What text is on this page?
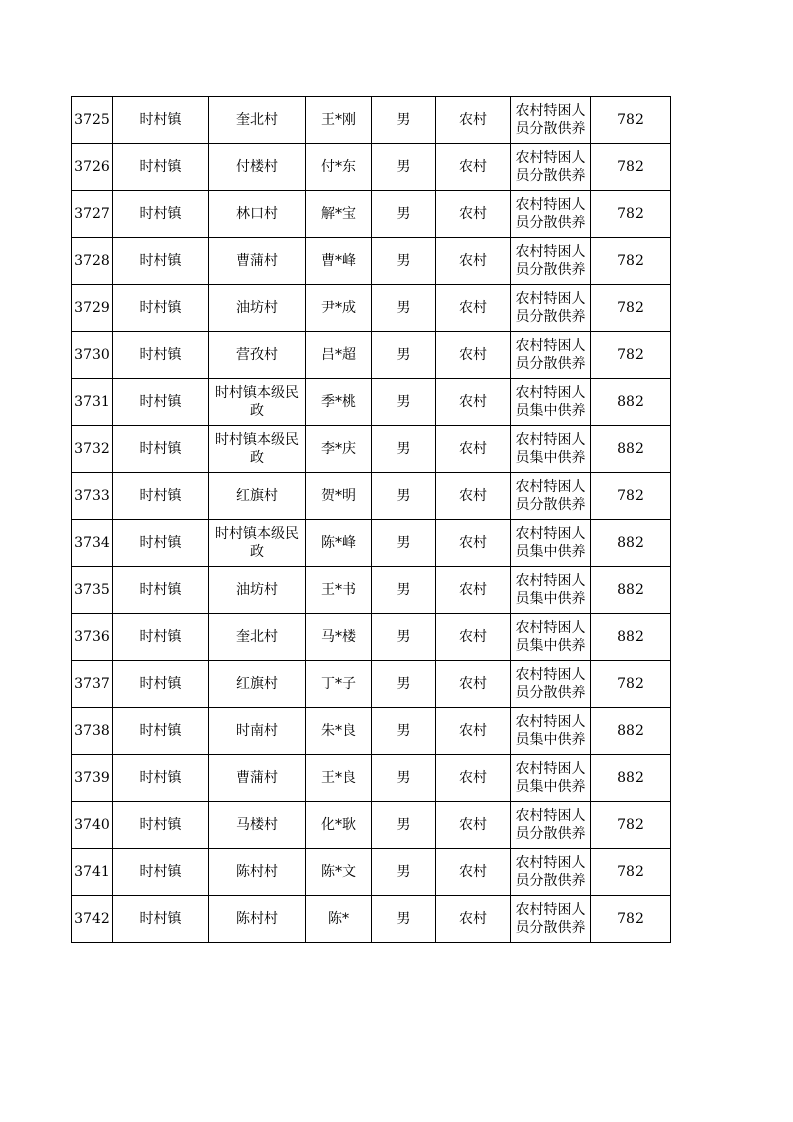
3725	时村镇	奎北村	王*刚	男	农村	农村特困人员分散供养	782
3726	时村镇	付楼村	付*东	男	农村	农村特困人员分散供养	782
3727	时村镇	林口村	解*宝	男	农村	农村特困人员分散供养	782
3728	时村镇	曹蒲村	曹*峰	男	农村	农村特困人员分散供养	782
3729	时村镇	油坊村	尹*成	男	农村	农村特困人员分散供养	782
3730	时村镇	营孜村	吕*超	男	农村	农村特困人员分散供养	782
3731	时村镇	时村镇本级民政	季*桃	男	农村	农村特困人员集中供养	882
3732	时村镇	时村镇本级民政	李*庆	男	农村	农村特困人员集中供养	882
3733	时村镇	红旗村	贺*明	男	农村	农村特困人员分散供养	782
3734	时村镇	时村镇本级民政	陈*峰	男	农村	农村特困人员集中供养	882
3735	时村镇	油坊村	王*书	男	农村	农村特困人员集中供养	882
3736	时村镇	奎北村	马*楼	男	农村	农村特困人员集中供养	882
3737	时村镇	红旗村	丁*子	男	农村	农村特困人员分散供养	782
3738	时村镇	时南村	朱*良	男	农村	农村特困人员集中供养	882
3739	时村镇	曹蒲村	王*良	男	农村	农村特困人员集中供养	882
3740	时村镇	马楼村	化*耿	男	农村	农村特困人员分散供养	782
3741	时村镇	陈村村	陈*文	男	农村	农村特困人员分散供养	782
3742	时村镇	陈村村	陈*	男	农村	农村特困人员分散供养	782
